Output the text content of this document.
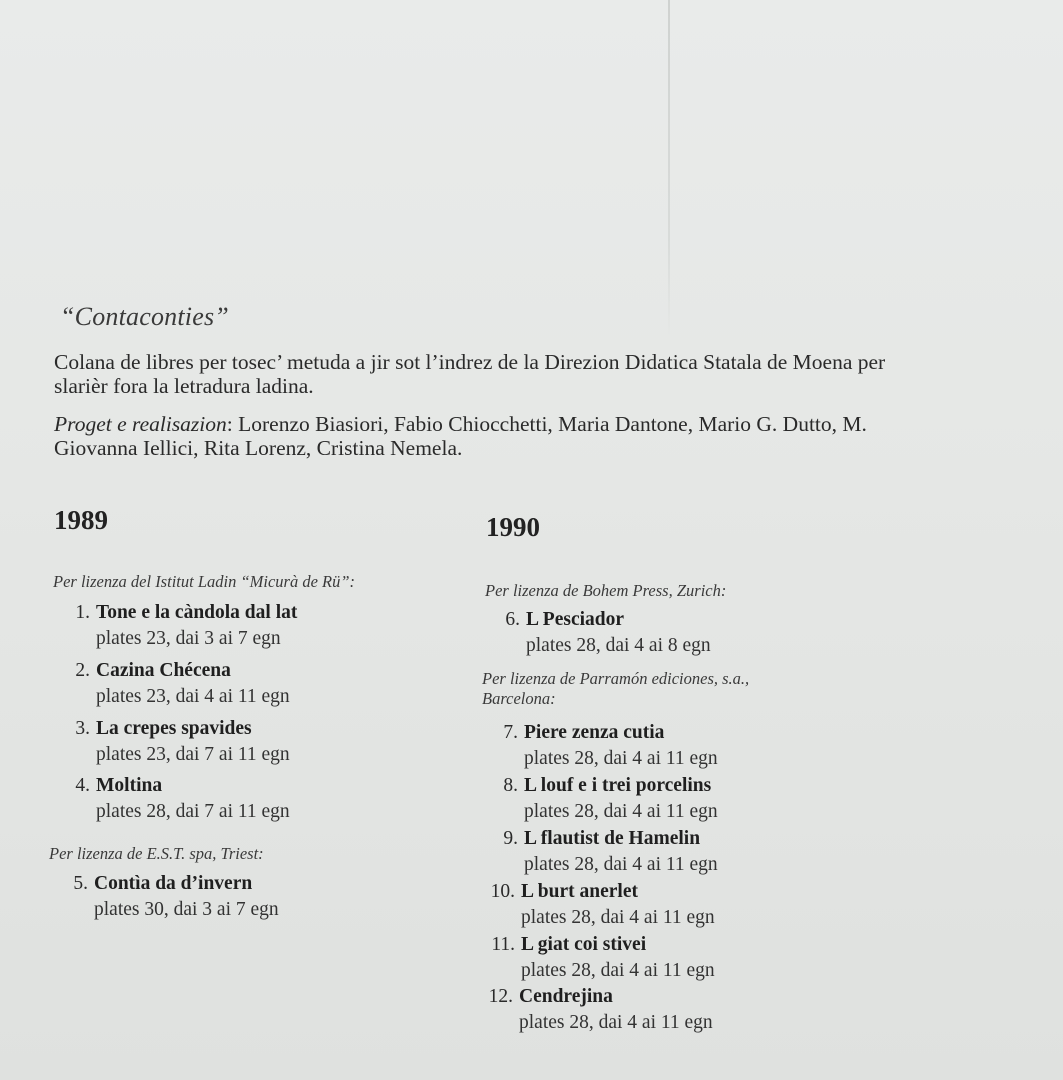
“Contaconties”
Colana de libres per tosec’ metuda a jir sot l’indrez de la Direzion Didatica Statala de Moena per slarièr fora la letradura ladina.
Proget e realisazion: Lorenzo Biasiori, Fabio Chiocchetti, Maria Dantone, Mario G. Dutto, M. Giovanna Iellici, Rita Lorenz, Cristina Nemela.
1989
Per lizenza del Istitut Ladin “Micurà de Rü”:
1. Tone e la càndola dal lat
plates 23, dai 3 ai 7 egn
2. Cazina Chécena
plates 23, dai 4 ai 11 egn
3. La crepes spavides
plates 23, dai 7 ai 11 egn
4. Moltina
plates 28, dai 7 ai 11 egn
Per lizenza de E.S.T. spa, Triest:
5. Contìa da d’invern
plates 30, dai 3 ai 7 egn
1990
Per lizenza de Bohem Press, Zurich:
6. L Pesciador
plates 28, dai 4 ai 8 egn
Per lizenza de Parramón ediciones, s.a.,
Barcelona:
7. Piere zenza cutia
plates 28, dai 4 ai 11 egn
8. L louf e i trei porcelins
plates 28, dai 4 ai 11 egn
9. L flautist de Hamelin
plates 28, dai 4 ai 11 egn
10. L burt anerlet
plates 28, dai 4 ai 11 egn
11. L giat coi stivei
plates 28, dai 4 ai 11 egn
12. Cendrejina
plates 28, dai 4 ai 11 egn
